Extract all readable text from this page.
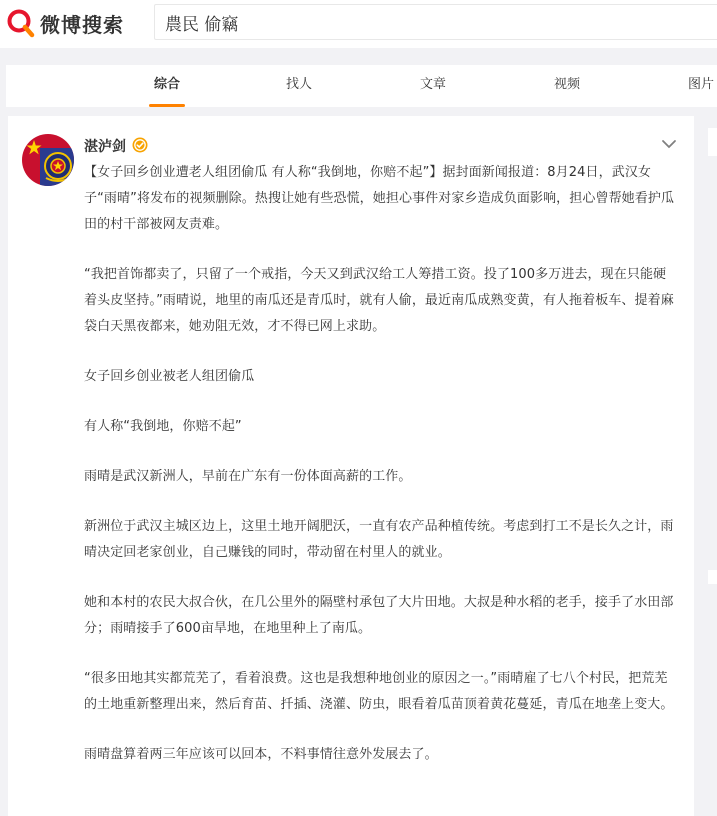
微博搜索
農民 偷竊
综合	找人	文章	视频	图片
湛泸剑

【女子回乡创业遭老人组团偷瓜 有人称“我倒地，你赔不起”】据封面新闻报道：8月24日，武汉女子“雨晴”将发布的视频删除。热搜让她有些恐慌，她担心事件对家乡造成负面影响，担心曾帮她看护瓜田的村干部被网友责难。

“我把首饰都卖了，只留了一个戒指，今天又到武汉给工人筹措工资。投了100多万进去，现在只能硬着头皮坚持。”雨晴说，地里的南瓜还是青瓜时，就有人偷，最近南瓜成熟变黄，有人拖着板车、提着麻袋白天黑夜都来，她劝阻无效，才不得已网上求助。

女子回乡创业被老人组团偷瓜

有人称“我倒地，你赔不起”

雨晴是武汉新洲人，早前在广东有一份体面高薪的工作。

新洲位于武汉主城区边上，这里土地开阔肥沃，一直有农产品种植传统。考虑到打工不是长久之计，雨晴决定回老家创业，自己赚钱的同时，带动留在村里人的就业。

她和本村的农民大叔合伙，在几公里外的隔壁村承包了大片田地。大叔是种水稻的老手，接手了水田部分；雨晴接手了600亩旱地，在地里种上了南瓜。

“很多田地其实都荒芜了，看着浪费。这也是我想种地创业的原因之一。”雨晴雇了七八个村民，把荒芜的土地重新整理出来，然后育苗、扦插、浇灌、防虫，眼看着瓜苗顶着黄花蔓延，青瓜在地垄上变大。

雨晴盘算着两三年应该可以回本，不料事情往意外发展去了。
